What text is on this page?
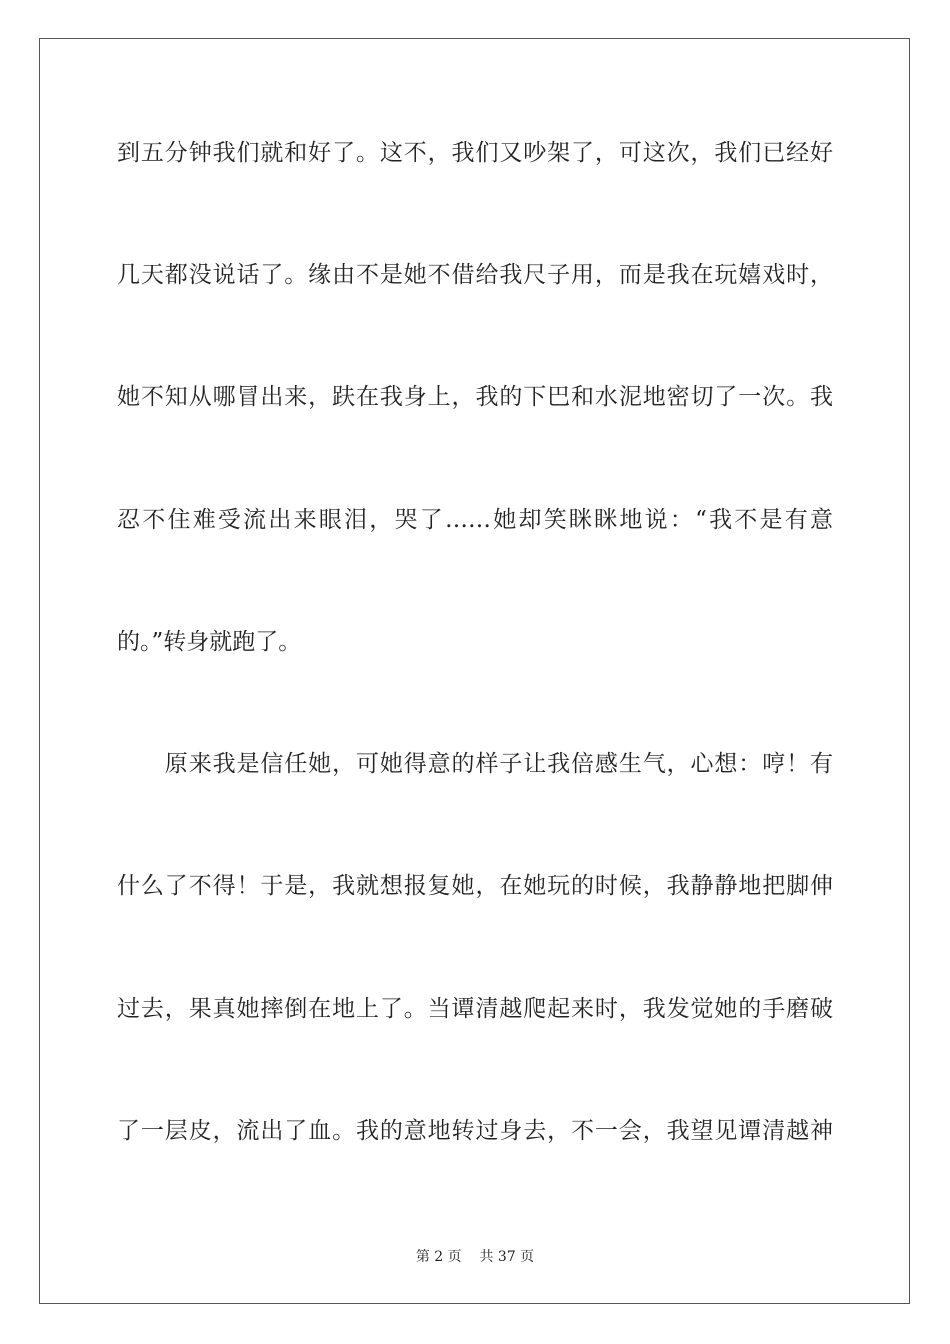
到五分钟我们就和好了。这不，我们又吵架了，可这次，我们已经好
几天都没说话了。缘由不是她不借给我尺子用，而是我在玩嬉戏时，
她不知从哪冒出来，趺在我身上，我的下巴和水泥地密切了一次。我
忍不住难受流出来眼泪，哭了……她却笑眯眯地说：“我不是有意
的。”转身就跑了。
　　原来我是信任她，可她得意的样子让我倍感生气，心想：哼！有
什么了不得！于是，我就想报复她，在她玩的时候，我静静地把脚伸
过去，果真她摔倒在地上了。当谭清越爬起来时，我发觉她的手磨破
了一层皮，流出了血。我的意地转过身去，不一会，我望见谭清越神
第 2 页 共 37 页
